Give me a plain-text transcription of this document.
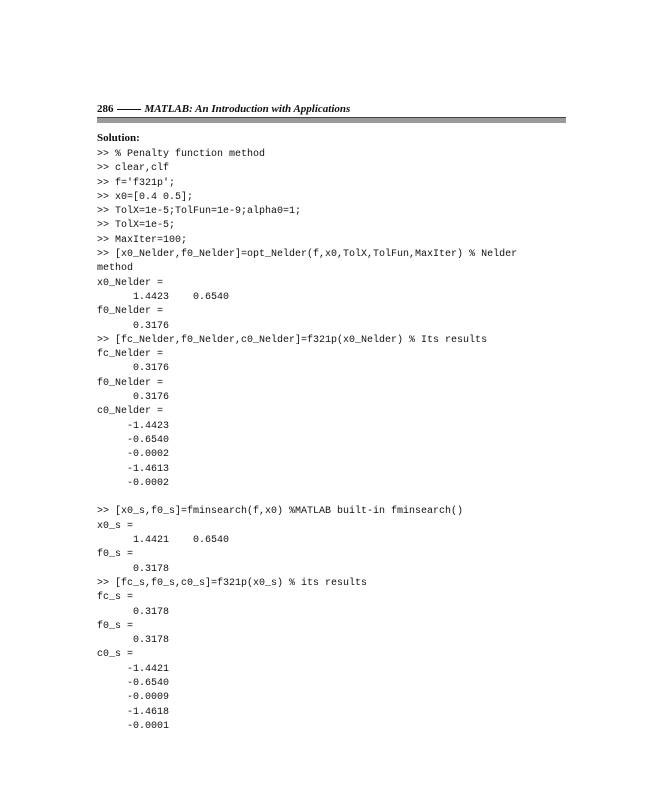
286	MATLAB: An Introduction with Applications
Solution:
>> % Penalty function method
>> clear,clf
>> f='f321p';
>> x0=[0.4 0.5];
>> TolX=1e-5;TolFun=1e-9;alpha0=1;
>> TolX=1e-5;
>> MaxIter=100;
>> [x0_Nelder,f0_Nelder]=opt_Nelder(f,x0,TolX,TolFun,MaxIter) % Nelder
method
x0_Nelder =
1.4423    0.6540
f0_Nelder =
0.3176
>> [fc_Nelder,f0_Nelder,c0_Nelder]=f321p(x0_Nelder) % Its results
fc_Nelder =
0.3176
f0_Nelder =
0.3176
c0_Nelder =
-1.4423
-0.6540
-0.0002
-1.4613
-0.0002
>> [x0_s,f0_s]=fminsearch(f,x0) %MATLAB built-in fminsearch()
x0_s =
1.4421    0.6540
f0_s =
0.3178
>> [fc_s,f0_s,c0_s]=f321p(x0_s) % its results
fc_s =
0.3178
f0_s =
0.3178
c0_s =
-1.4421
-0.6540
-0.0009
-1.4618
-0.0001
